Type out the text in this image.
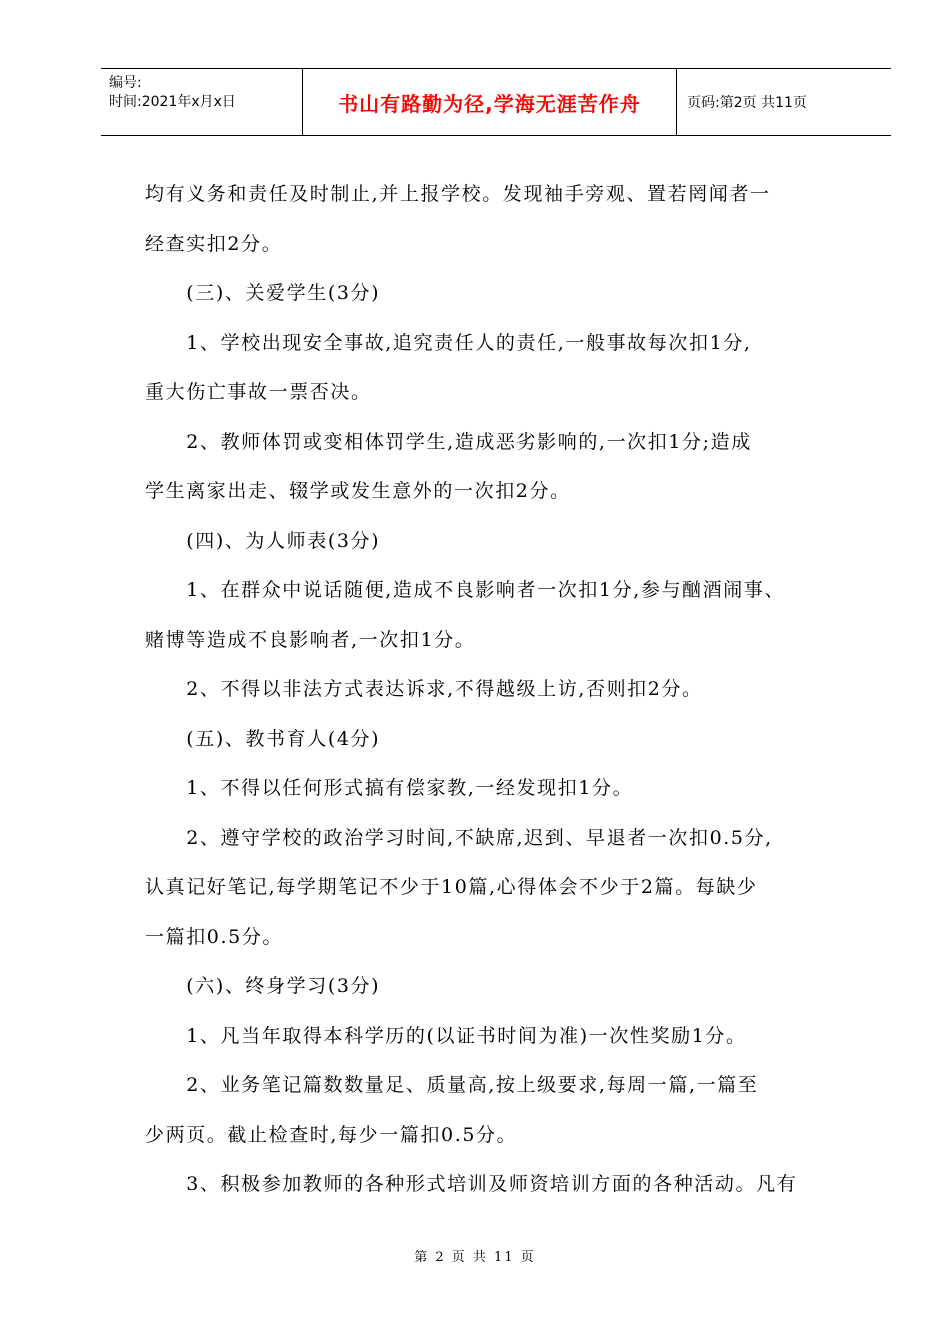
编号:
时间:2021年x月x日	书山有路勤为径,学海无涯苦作舟	页码:第2页 共11页

均有义务和责任及时制止,并上报学校。发现袖手旁观、置若罔闻者一

经查实扣2分。

　　(三)、关爱学生(3分)

　　1、学校出现安全事故,追究责任人的责任,一般事故每次扣1分,

重大伤亡事故一票否决。

　　2、教师体罚或变相体罚学生,造成恶劣影响的,一次扣1分;造成

学生离家出走、辍学或发生意外的一次扣2分。

　　(四)、为人师表(3分)

　　1、在群众中说话随便,造成不良影响者一次扣1分,参与酗酒闹事、

赌博等造成不良影响者,一次扣1分。

　　2、不得以非法方式表达诉求,不得越级上访,否则扣2分。

　　(五)、教书育人(4分)

　　1、不得以任何形式搞有偿家教,一经发现扣1分。

　　2、遵守学校的政治学习时间,不缺席,迟到、早退者一次扣0.5分,

认真记好笔记,每学期笔记不少于10篇,心得体会不少于2篇。每缺少

一篇扣0.5分。

　　(六)、终身学习(3分)

　　1、凡当年取得本科学历的(以证书时间为准)一次性奖励1分。

　　2、业务笔记篇数数量足、质量高,按上级要求,每周一篇,一篇至

少两页。截止检查时,每少一篇扣0.5分。

　　3、积极参加教师的各种形式培训及师资培训方面的各种活动。凡有

第 2 页 共 11 页
